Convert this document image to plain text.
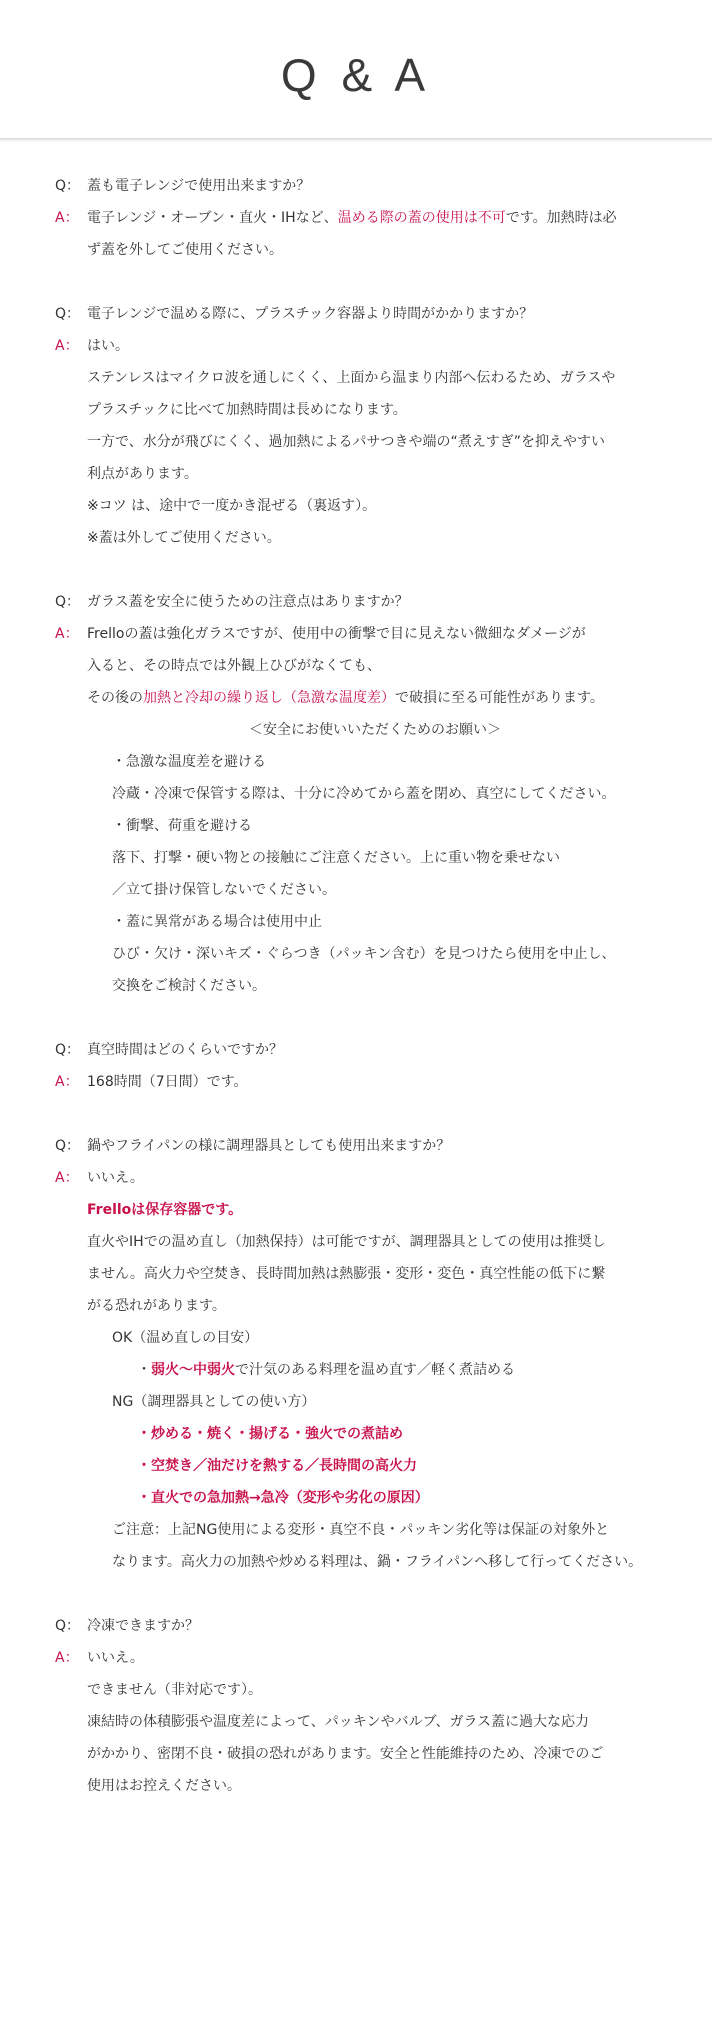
Q & A
Q： 蓋も電子レンジで使用出来ますか？
A： 電子レンジ・オーブン・直火・IHなど、温める際の蓋の使用は不可です。加熱時は必
ず蓋を外してご使用ください。
Q： 電子レンジで温める際に、プラスチック容器より時間がかかりますか？
A： はい。
ステンレスはマイクロ波を通しにくく、上面から温まり内部へ伝わるため、ガラスや
プラスチックに比べて加熱時間は長めになります。
一方で、水分が飛びにくく、過加熱によるパサつきや端の“煮えすぎ”を抑えやすい
利点があります。
※コツ は、途中で一度かき混ぜる（裏返す）。
※蓋は外してご使用ください。
Q： ガラス蓋を安全に使うための注意点はありますか？
A： Frelloの蓋は強化ガラスですが、使用中の衝撃で目に見えない微細なダメージが
入ると、その時点では外観上ひびがなくても、
その後の加熱と冷却の繰り返し（急激な温度差）で破損に至る可能性があります。
＜安全にお使いいただくためのお願い＞
・急激な温度差を避ける
冷蔵・冷凍で保管する際は、十分に冷めてから蓋を閉め、真空にしてください。
・衝撃、荷重を避ける
落下、打撃・硬い物との接触にご注意ください。上に重い物を乗せない
／立て掛け保管しないでください。
・蓋に異常がある場合は使用中止
ひび・欠け・深いキズ・ぐらつき（パッキン含む）を見つけたら使用を中止し、
交換をご検討ください。
Q： 真空時間はどのくらいですか？
A： 168時間（7日間）です。
Q： 鍋やフライパンの様に調理器具としても使用出来ますか？
A： いいえ。
Frelloは保存容器です。
直火やIHでの温め直し（加熱保持）は可能ですが、調理器具としての使用は推奨し
ません。高火力や空焚き、長時間加熱は熱膨張・変形・変色・真空性能の低下に繋
がる恐れがあります。
OK（温め直しの目安）
・弱火～中弱火で汁気のある料理を温め直す／軽く煮詰める
NG（調理器具としての使い方）
・炒める・焼く・揚げる・強火での煮詰め
・空焚き／油だけを熱する／長時間の高火力
・直火での急加熱→急冷（変形や劣化の原因）
ご注意：上記NG使用による変形・真空不良・パッキン劣化等は保証の対象外と
なります。高火力の加熱や炒める料理は、鍋・フライパンへ移して行ってください。
Q： 冷凍できますか？
A： いいえ。
できません（非対応です）。
凍結時の体積膨張や温度差によって、パッキンやバルブ、ガラス蓋に過大な応力
がかかり、密閉不良・破損の恐れがあります。安全と性能維持のため、冷凍でのご
使用はお控えください。
